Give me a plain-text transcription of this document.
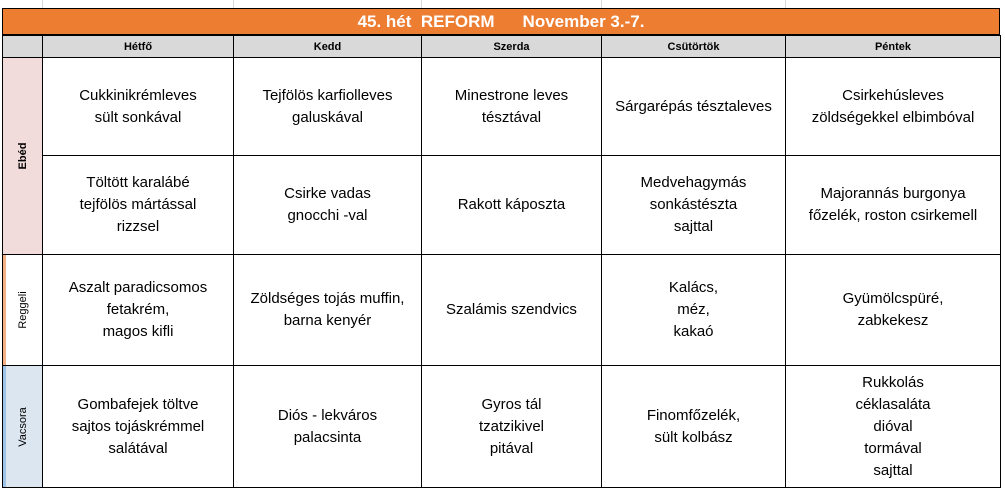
45. hét
REFORM November 3.-7.
	Hétfő	Kedd	Szerda	Csütörtök	Péntek

Ebéd	Cukkinikrémleves
sült sonkával	Tejfölös karfiolleves
galuskával	Minestrone leves
tésztával	Sárgarépás tésztaleves	Csirkehúsleves
zöldségekkel elbimbóval

	Töltött karalábé
tejfölös mártással
rizzsel	Csirke vadas
gnocchi -val	Rakott káposzta	Medvehagymás
sonkástészta
sajttal	Majorannás burgonya
főzelék, roston csirkemell

Reggeli	Aszalt paradicsomos
fetakrém,
magos kifli	Zöldséges tojás muffin,
barna kenyér	Szalámis szendvics	Kalács,
méz,
kakaó	Gyümölcspüré,
zabkekesz

Vacsora	Gombafejek töltve
sajtos tojáskrémmel
salátával	Diós - lekváros
palacsinta	Gyros tál
tzatzikivel
pitával	Finomfőzelék,
sült kolbász	Rukkolás
céklasaláta
dióval
tormával
sajttal
